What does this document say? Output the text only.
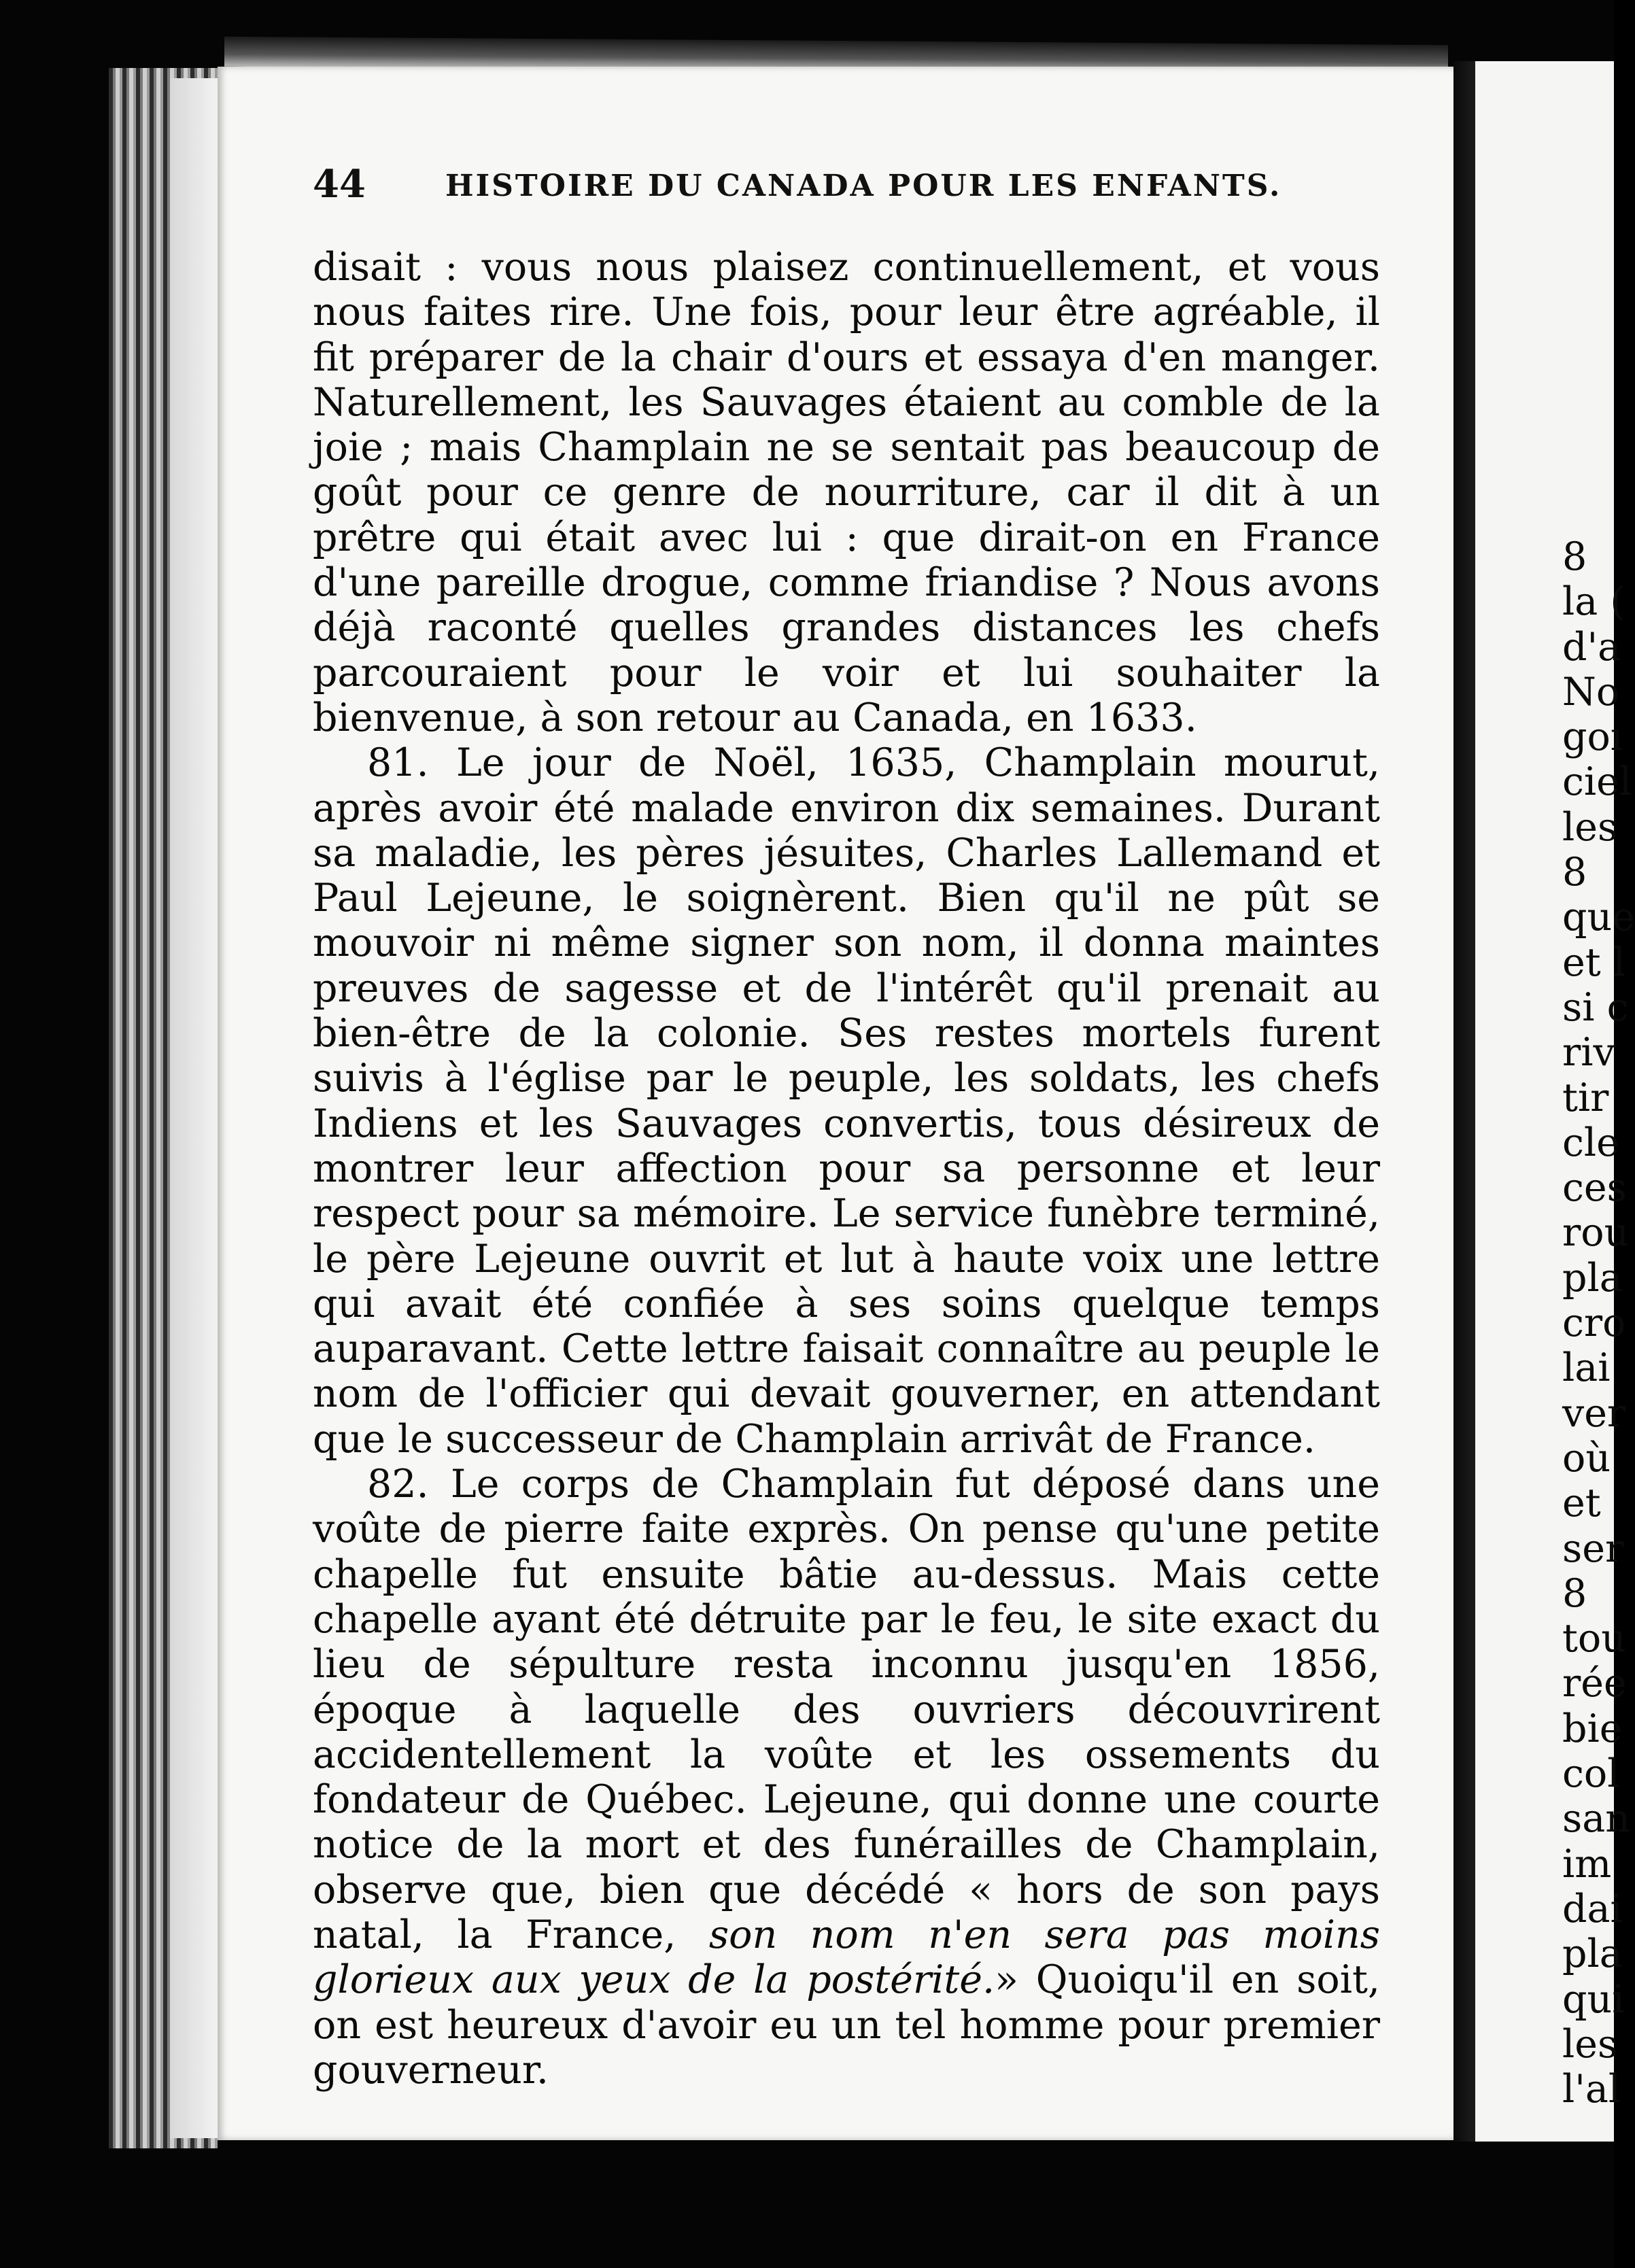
44	HISTOIRE DU CANADA POUR LES ENFANTS.

disait : vous nous plaisez continuellement, et vous nous faites rire. Une fois, pour leur être agréable, il fit préparer de la chair d'ours et essaya d'en manger. Naturellement, les Sauvages étaient au comble de la joie ; mais Champlain ne se sentait pas beaucoup de goût pour ce genre de nourriture, car il dit à un prêtre qui était avec lui : que dirait-on en France d'une pareille drogue, comme friandise ? Nous avons déjà raconté quelles grandes distances les chefs parcouraient pour le voir et lui souhaiter la bienvenue, à son retour au Canada, en 1633.

81. Le jour de Noël, 1635, Champlain mourut, après avoir été malade environ dix semaines. Durant sa maladie, les pères jésuites, Charles Lallemand et Paul Lejeune, le soignèrent. Bien qu'il ne pût se mouvoir ni même signer son nom, il donna maintes preuves de sagesse et de l'intérêt qu'il prenait au bien-être de la colonie. Ses restes mortels furent suivis à l'église par le peuple, les soldats, les chefs Indiens et les Sauvages convertis, tous désireux de montrer leur affection pour sa personne et leur respect pour sa mémoire. Le service funèbre terminé, le père Lejeune ouvrit et lut à haute voix une lettre qui avait été confiée à ses soins quelque temps auparavant. Cette lettre faisait connaître au peuple le nom de l'officier qui devait gouverner, en attendant que le successeur de Champlain arrivât de France.

82. Le corps de Champlain fut déposé dans une voûte de pierre faite exprès. On pense qu'une petite chapelle fut ensuite bâtie au-dessus. Mais cette chapelle ayant été détruite par le feu, le site exact du lieu de sépulture resta inconnu jusqu'en 1856, époque à laquelle des ouvriers découvrirent accidentellement la voûte et les ossements du fondateur de Québec. Lejeune, qui donne une courte notice de la mort et des funérailles de Champlain, observe que, bien que décédé « hors de son pays natal, la France, son nom n'en sera pas moins glorieux aux yeux de la postérité.» Quoiqu'il en soit, on est heureux d'avoir eu un tel homme pour premier gouverneur.

8
la (
d'a
No
goı
ciel
les
8
que
et l
si c
riv
tir
cle
ces
rou
pla
cro
lai
ver
où
et
ser
8
tou
rée
bie
col
san
im
dai
pla
qui
les
l'al
